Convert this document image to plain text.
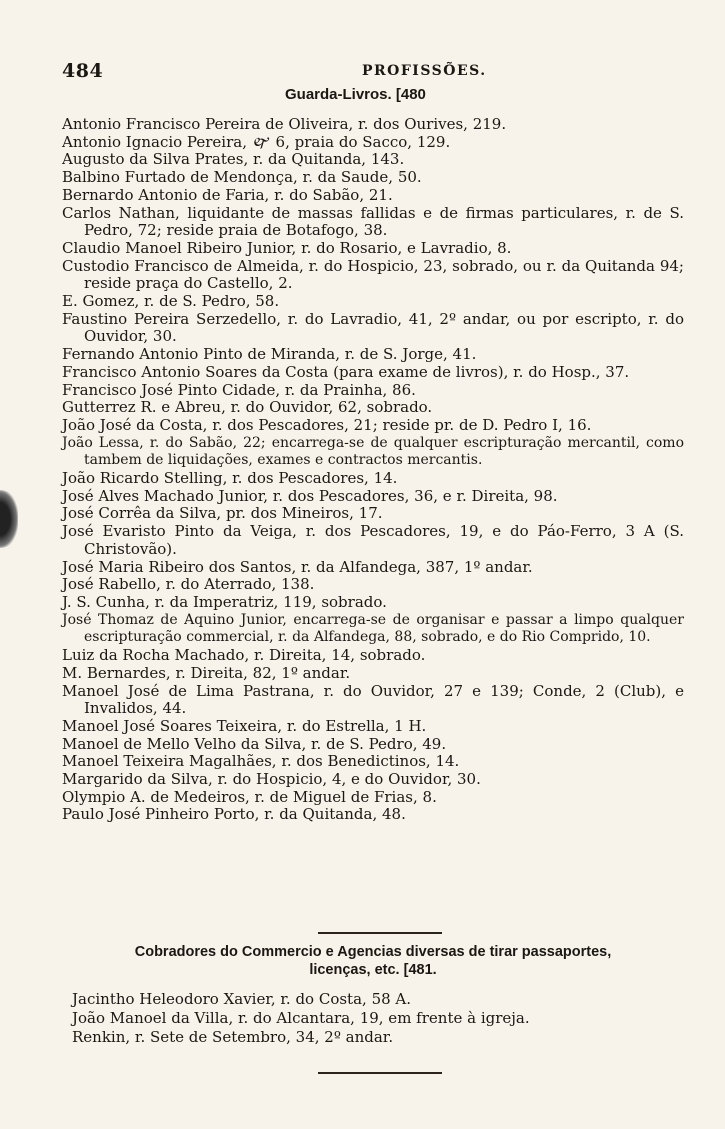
484	PROFISSÕES.
Guarda-Livros. [480

Antonio Francisco Pereira de Oliveira, r. dos Ourives, 219.

Antonio Ignacio Pereira, 🙰 6, praia do Sacco, 129.

Augusto da Silva Prates, r. da Quitanda, 143.

Balbino Furtado de Mendonça, r. da Saude, 50.

Bernardo Antonio de Faria, r. do Sabão, 21.

Carlos Nathan, liquidante de massas fallidas e de firmas particulares, r. de S. Pedro, 72; reside praia de Botafogo, 38.

Claudio Manoel Ribeiro Junior, r. do Rosario, e Lavradio, 8.

Custodio Francisco de Almeida, r. do Hospicio, 23, sobrado, ou r. da Quitanda 94; reside praça do Castello, 2.

E. Gomez, r. de S. Pedro, 58.

Faustino Pereira Serzedello, r. do Lavradio, 41, 2º andar, ou por escripto, r. do Ouvidor, 30.

Fernando Antonio Pinto de Miranda, r. de S. Jorge, 41.

Francisco Antonio Soares da Costa (para exame de livros), r. do Hosp., 37.

Francisco José Pinto Cidade, r. da Prainha, 86.

Gutterrez R. e Abreu, r. do Ouvidor, 62, sobrado.

João José da Costa, r. dos Pescadores, 21; reside pr. de D. Pedro I, 16.

João Lessa, r. do Sabão, 22; encarrega-se de qualquer escripturação mercantil, como tambem de liquidações, exames e contractos mercantis.

João Ricardo Stelling, r. dos Pescadores, 14.

José Alves Machado Junior, r. dos Pescadores, 36, e r. Direita, 98.

José Corrêa da Silva, pr. dos Mineiros, 17.

José Evaristo Pinto da Veiga, r. dos Pescadores, 19, e do Páo-Ferro, 3 A (S. Christovão).

José Maria Ribeiro dos Santos, r. da Alfandega, 387, 1º andar.

José Rabello, r. do Aterrado, 138.

J. S. Cunha, r. da Imperatriz, 119, sobrado.

José Thomaz de Aquino Junior, encarrega-se de organisar e passar a limpo qualquer escripturação commercial, r. da Alfandega, 88, sobrado, e do Rio Comprido, 10.

Luiz da Rocha Machado, r. Direita, 14, sobrado.

M. Bernardes, r. Direita, 82, 1º andar.

Manoel José de Lima Pastrana, r. do Ouvidor, 27 e 139; Conde, 2 (Club), e Invalidos, 44.

Manoel José Soares Teixeira, r. do Estrella, 1 H.

Manoel de Mello Velho da Silva, r. de S. Pedro, 49.

Manoel Teixeira Magalhães, r. dos Benedictinos, 14.

Margarido da Silva, r. do Hospicio, 4, e do Ouvidor, 30.

Olympio A. de Medeiros, r. de Miguel de Frias, 8.

Paulo José Pinheiro Porto, r. da Quitanda, 48.

Cobradores do Commercio e Agencias diversas de tirar passaportes,
licenças, etc. [481.

Jacintho Heleodoro Xavier, r. do Costa, 58 A.

João Manoel da Villa, r. do Alcantara, 19, em frente à igreja.

Renkin, r. Sete de Setembro, 34, 2º andar.
